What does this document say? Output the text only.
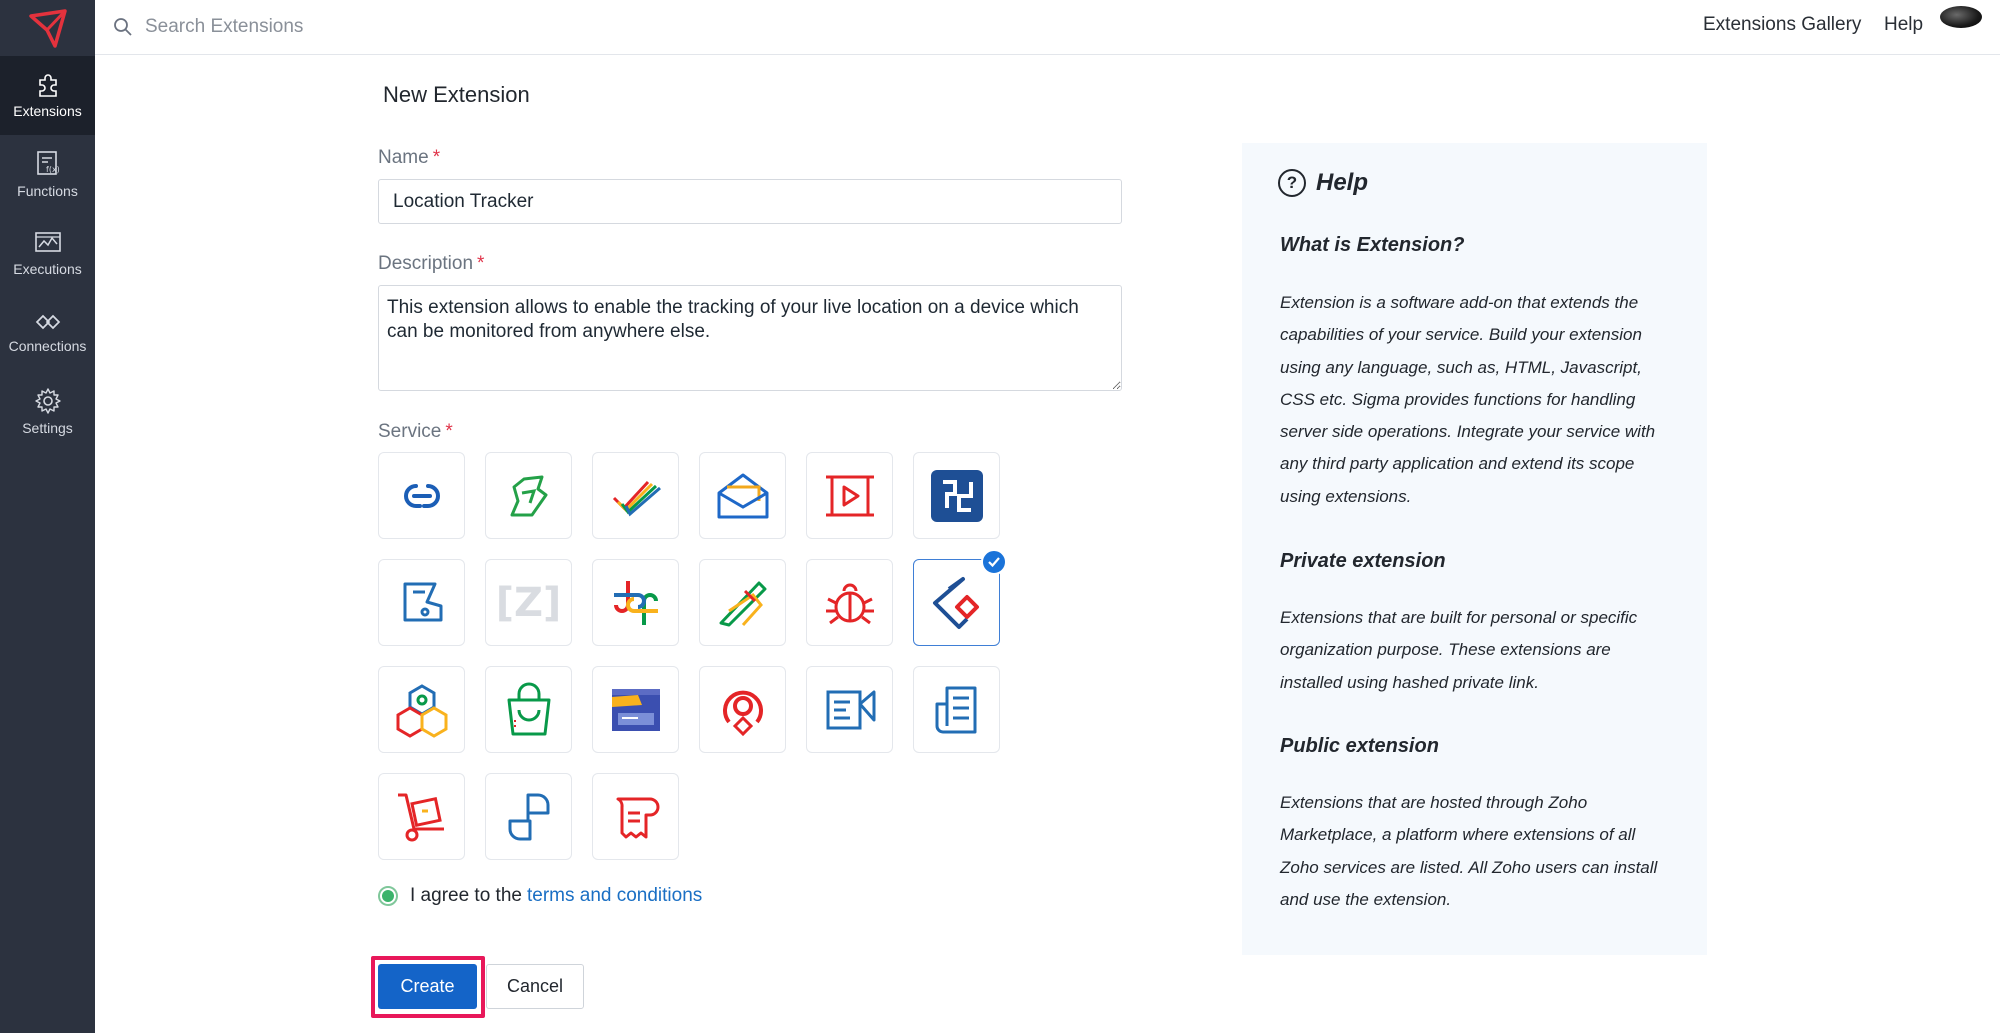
Extensions
f(x)
Functions
Executions
Connections
Settings
Search Extensions
Extensions Gallery Help
New Extension
Name *
Location Tracker
Description *
This extension allows to enable the tracking of your live location on a device which can be monitored from anywhere else.
Service *
[Z]
I agree to the terms and conditions
Create	Cancel
? Help
What is Extension?

Extension is a software add-on that extends the capabilities of your service. Build your extension using any language, such as, HTML, Javascript, CSS etc. Sigma provides functions for handling server side operations. Integrate your service with any third party application and extend its scope using extensions.

Private extension

Extensions that are built for personal or specific organization purpose. These extensions are installed using hashed private link.

Public extension

Extensions that are hosted through Zoho Marketplace, a platform where extensions of all Zoho services are listed. All Zoho users can install and use the extension.
